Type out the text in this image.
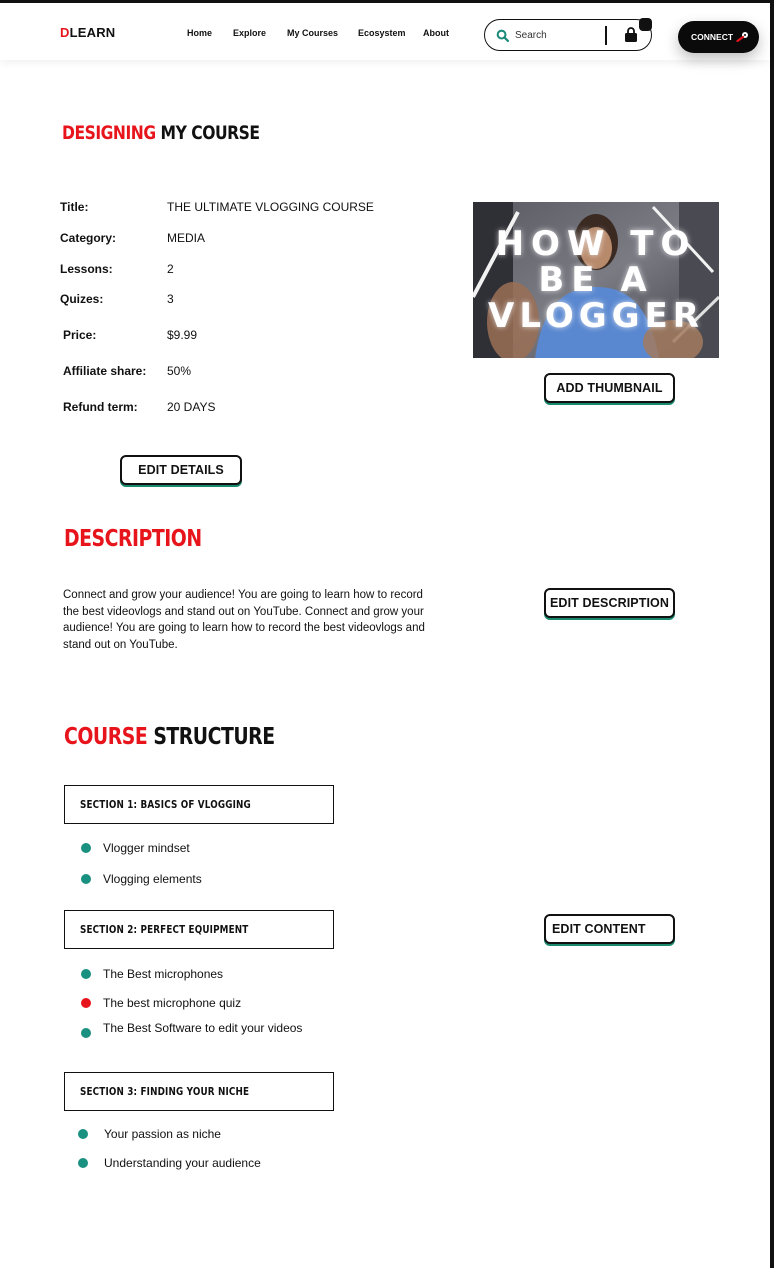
DLEARN	Home Explore My Courses Ecosystem About
Search	CONNECT
DESIGNING MY COURSE
Title:	THE ULTIMATE VLOGGING COURSE
Category:	MEDIA
Lessons:	2
Quizes:	3
Price:	$9.99
Affiliate share: 50%
Refund term: 20 DAYS
HOW TO
BE A
VLOGGER
ADD THUMBNAIL
EDIT DETAILS
DESCRIPTION
Connect and grow your audience! You are going to learn how to record the best videovlogs and stand out on YouTube. Connect and grow your audience! You are going to learn how to record the best videovlogs and stand out on YouTube.
EDIT DESCRIPTION
COURSE STRUCTURE
SECTION 1: BASICS OF VLOGGING
Vlogger mindset
Vlogging elements
SECTION 2: PERFECT EQUIPMENT
The Best microphones
The best microphone quiz
The Best Software to edit your videos
EDIT CONTENT
SECTION 3: FINDING YOUR NICHE
Your passion as niche
Understanding your audience
